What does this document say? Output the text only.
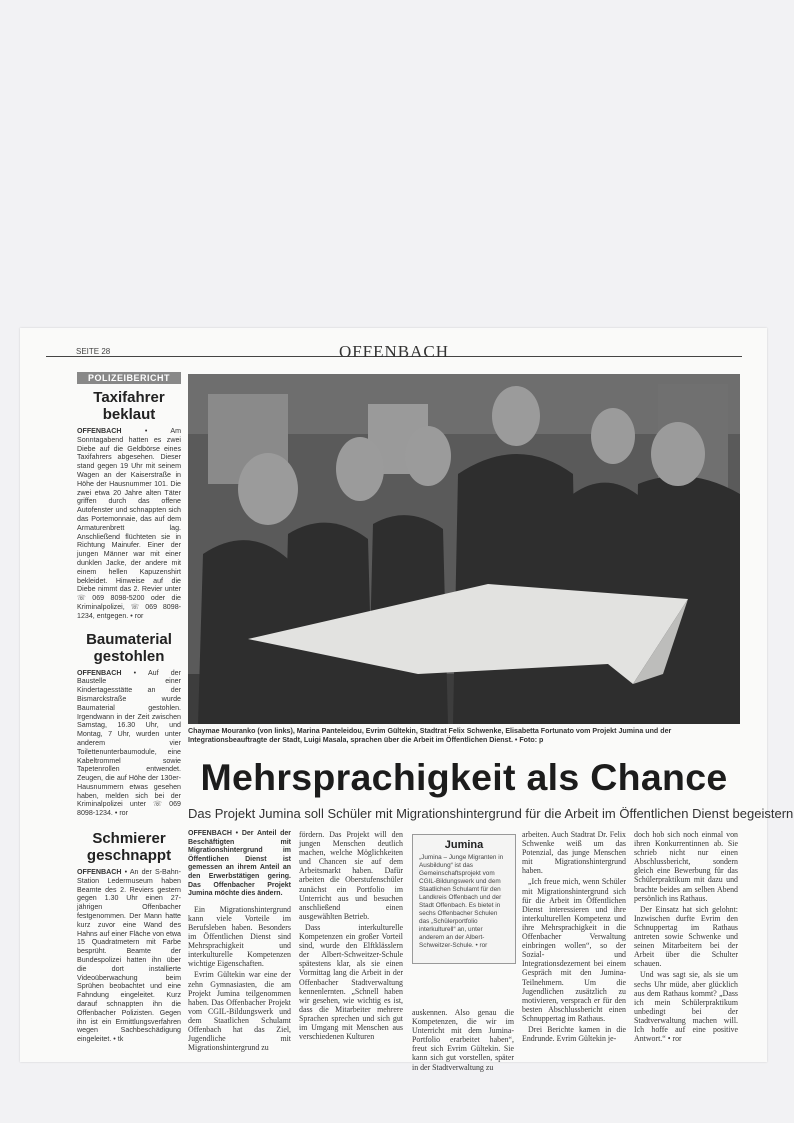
SEITE 28	OFFENBACH
POLIZEIBERICHT
Taxifahrer beklaut

OFFENBACH • Am Sonntagabend hatten es zwei Diebe auf die Geldbörse eines Taxifahrers abgesehen. Dieser stand gegen 19 Uhr mit seinem Wagen an der Kaiserstraße in Höhe der Hausnummer 101. Die zwei etwa 20 Jahre alten Täter griffen durch das offene Autofenster und schnappten sich das Portemonnaie, das auf dem Armaturenbrett lag. Anschließend flüchteten sie in Richtung Mainufer. Einer der jungen Männer war mit einer dunklen Jacke, der andere mit einem hellen Kapuzenshirt bekleidet. Hinweise auf die Diebe nimmt das 2. Revier unter ☏ 069 8098-5200 oder die Kriminalpolizei, ☏ 069 8098-1234, entgegen. • ror

Baumaterial gestohlen

OFFENBACH • Auf der Baustelle einer Kindertagesstätte an der Bismarckstraße wurde Baumaterial gestohlen. Irgendwann in der Zeit zwischen Samstag, 16.30 Uhr, und Montag, 7 Uhr, wurden unter anderem vier Toilettenunterbaumodule, eine Kabeltrommel sowie Tapetenrollen entwendet. Zeugen, die auf Höhe der 130er-Hausnummern etwas gesehen haben, melden sich bei der Kriminalpolizei unter ☏ 069 8098-1234. • ror

Schmierer geschnappt

OFFENBACH • An der S-Bahn-Station Ledermuseum haben Beamte des 2. Reviers gestern gegen 1.30 Uhr einen 27-jährigen Offenbacher festgenommen. Der Mann hatte kurz zuvor eine Wand des Hahns auf einer Fläche von etwa 15 Quadratmetern mit Farbe besprüht. Beamte der Bundespolizei hatten ihn über die dort installierte Videoüberwachung beim Sprühen beobachtet und eine Fahndung eingeleitet. Kurz darauf schnappten ihn die Offenbacher Polizisten. Gegen ihn ist ein Ermittlungsverfahren wegen Sachbeschädigung eingeleitet. • tk

Chaymae Mouranko (von links), Marina Panteleidou, Evrim Gültekin, Stadtrat Felix Schwenke, Elisabetta Fortunato vom Projekt Jumina und der Integrationsbeauftragte der Stadt, Luigi Masala, sprachen über die Arbeit im Öffentlichen Dienst. • Foto: p
Mehrsprachigkeit als Chance
Das Projekt Jumina soll Schüler mit Migrationshintergrund für die Arbeit im Öffentlichen Dienst begeistern

OFFENBACH • Der Anteil der Beschäftigten mit Migrationshintergrund im Öffentlichen Dienst ist gemessen an ihrem Anteil an den Erwerbstätigen gering. Das Offenbacher Projekt Jumina möchte dies ändern.

Ein Migrationshintergrund kann viele Vorteile im Berufsleben haben. Besonders im Öffentlichen Dienst sind Mehrsprachigkeit und interkulturelle Kompetenzen wichtige Eigenschaften.

Evrim Gültekin war eine der zehn Gymnasiasten, die am Projekt Jumina teilgenommen haben. Das Offenbacher Projekt vom CGIL-Bildungswerk und dem Staatlichen Schulamt Offenbach hat das Ziel, Jugendliche mit Migrationshintergrund zu

fördern. Das Projekt will den jungen Menschen deutlich machen, welche Möglichkeiten und Chancen sie auf dem Arbeitsmarkt haben. Dafür arbeiten die Oberstufenschüler zunächst ein Portfolio im Unterricht aus und besuchen anschließend einen ausgewählten Betrieb.

Dass interkulturelle Kompetenzen ein großer Vorteil sind, wurde den Elftklässlern der Albert-Schweitzer-Schule spätestens klar, als sie einen Vormittag lang die Arbeit in der Offenbacher Stadtverwaltung kennenlernten. „Schnell haben wir gesehen, wie wichtig es ist, dass die Mitarbeiter mehrere Sprachen sprechen und sich gut im Umgang mit Menschen aus verschiedenen Kulturen

Jumina

„Jumina – Junge Migranten in Ausbildung“ ist das Gemeinschaftsprojekt vom CGIL-Bildungswerk und dem Staatlichen Schulamt für den Landkreis Offenbach und der Stadt Offenbach. Es bietet in sechs Offenbacher Schulen das „Schülerportfolio interkulturell“ an, unter anderem an der Albert-Schweitzer-Schule. • ror

auskennen. Also genau die Kompetenzen, die wir im Unterricht mit dem Jumina-Portfolio erarbeitet haben“, freut sich Evrim Gültekin. Sie kann sich gut vorstellen, später in der Stadtverwaltung zu

arbeiten. Auch Stadtrat Dr. Felix Schwenke weiß um das Potenzial, das junge Menschen mit Migrationshintergrund haben.

„Ich freue mich, wenn Schüler mit Migrationshintergrund sich für die Arbeit im Öffentlichen Dienst interessieren und ihre interkulturellen Kompetenz und ihre Mehrsprachigkeit in die Offenbacher Verwaltung einbringen wollen“, so der Sozial- und Integrationsdezernent bei einem Gespräch mit den Jumina-Teilnehmern. Um die Jugendlichen zusätzlich zu motivieren, versprach er für den besten Abschlussbericht einen Schnuppertag im Rathaus.

Drei Berichte kamen in die Endrunde. Evrim Gültekin je-

doch hob sich noch einmal von ihren Konkurrentinnen ab. Sie schrieb nicht nur einen Abschlussbericht, sondern gleich eine Bewerbung für das Schülerpraktikum mit dazu und brachte beides am selben Abend persönlich ins Rathaus.

Der Einsatz hat sich gelohnt: Inzwischen durfte Evrim den Schnuppertag im Rathaus antreten sowie Schwenke und seinen Mitarbeitern bei der Arbeit über die Schulter schauen.

Und was sagt sie, als sie um sechs Uhr müde, aber glücklich aus dem Rathaus kommt? „Dass ich mein Schülerpraktikum unbedingt bei der Stadtverwaltung machen will. Ich hoffe auf eine positive Antwort.“ • ror
